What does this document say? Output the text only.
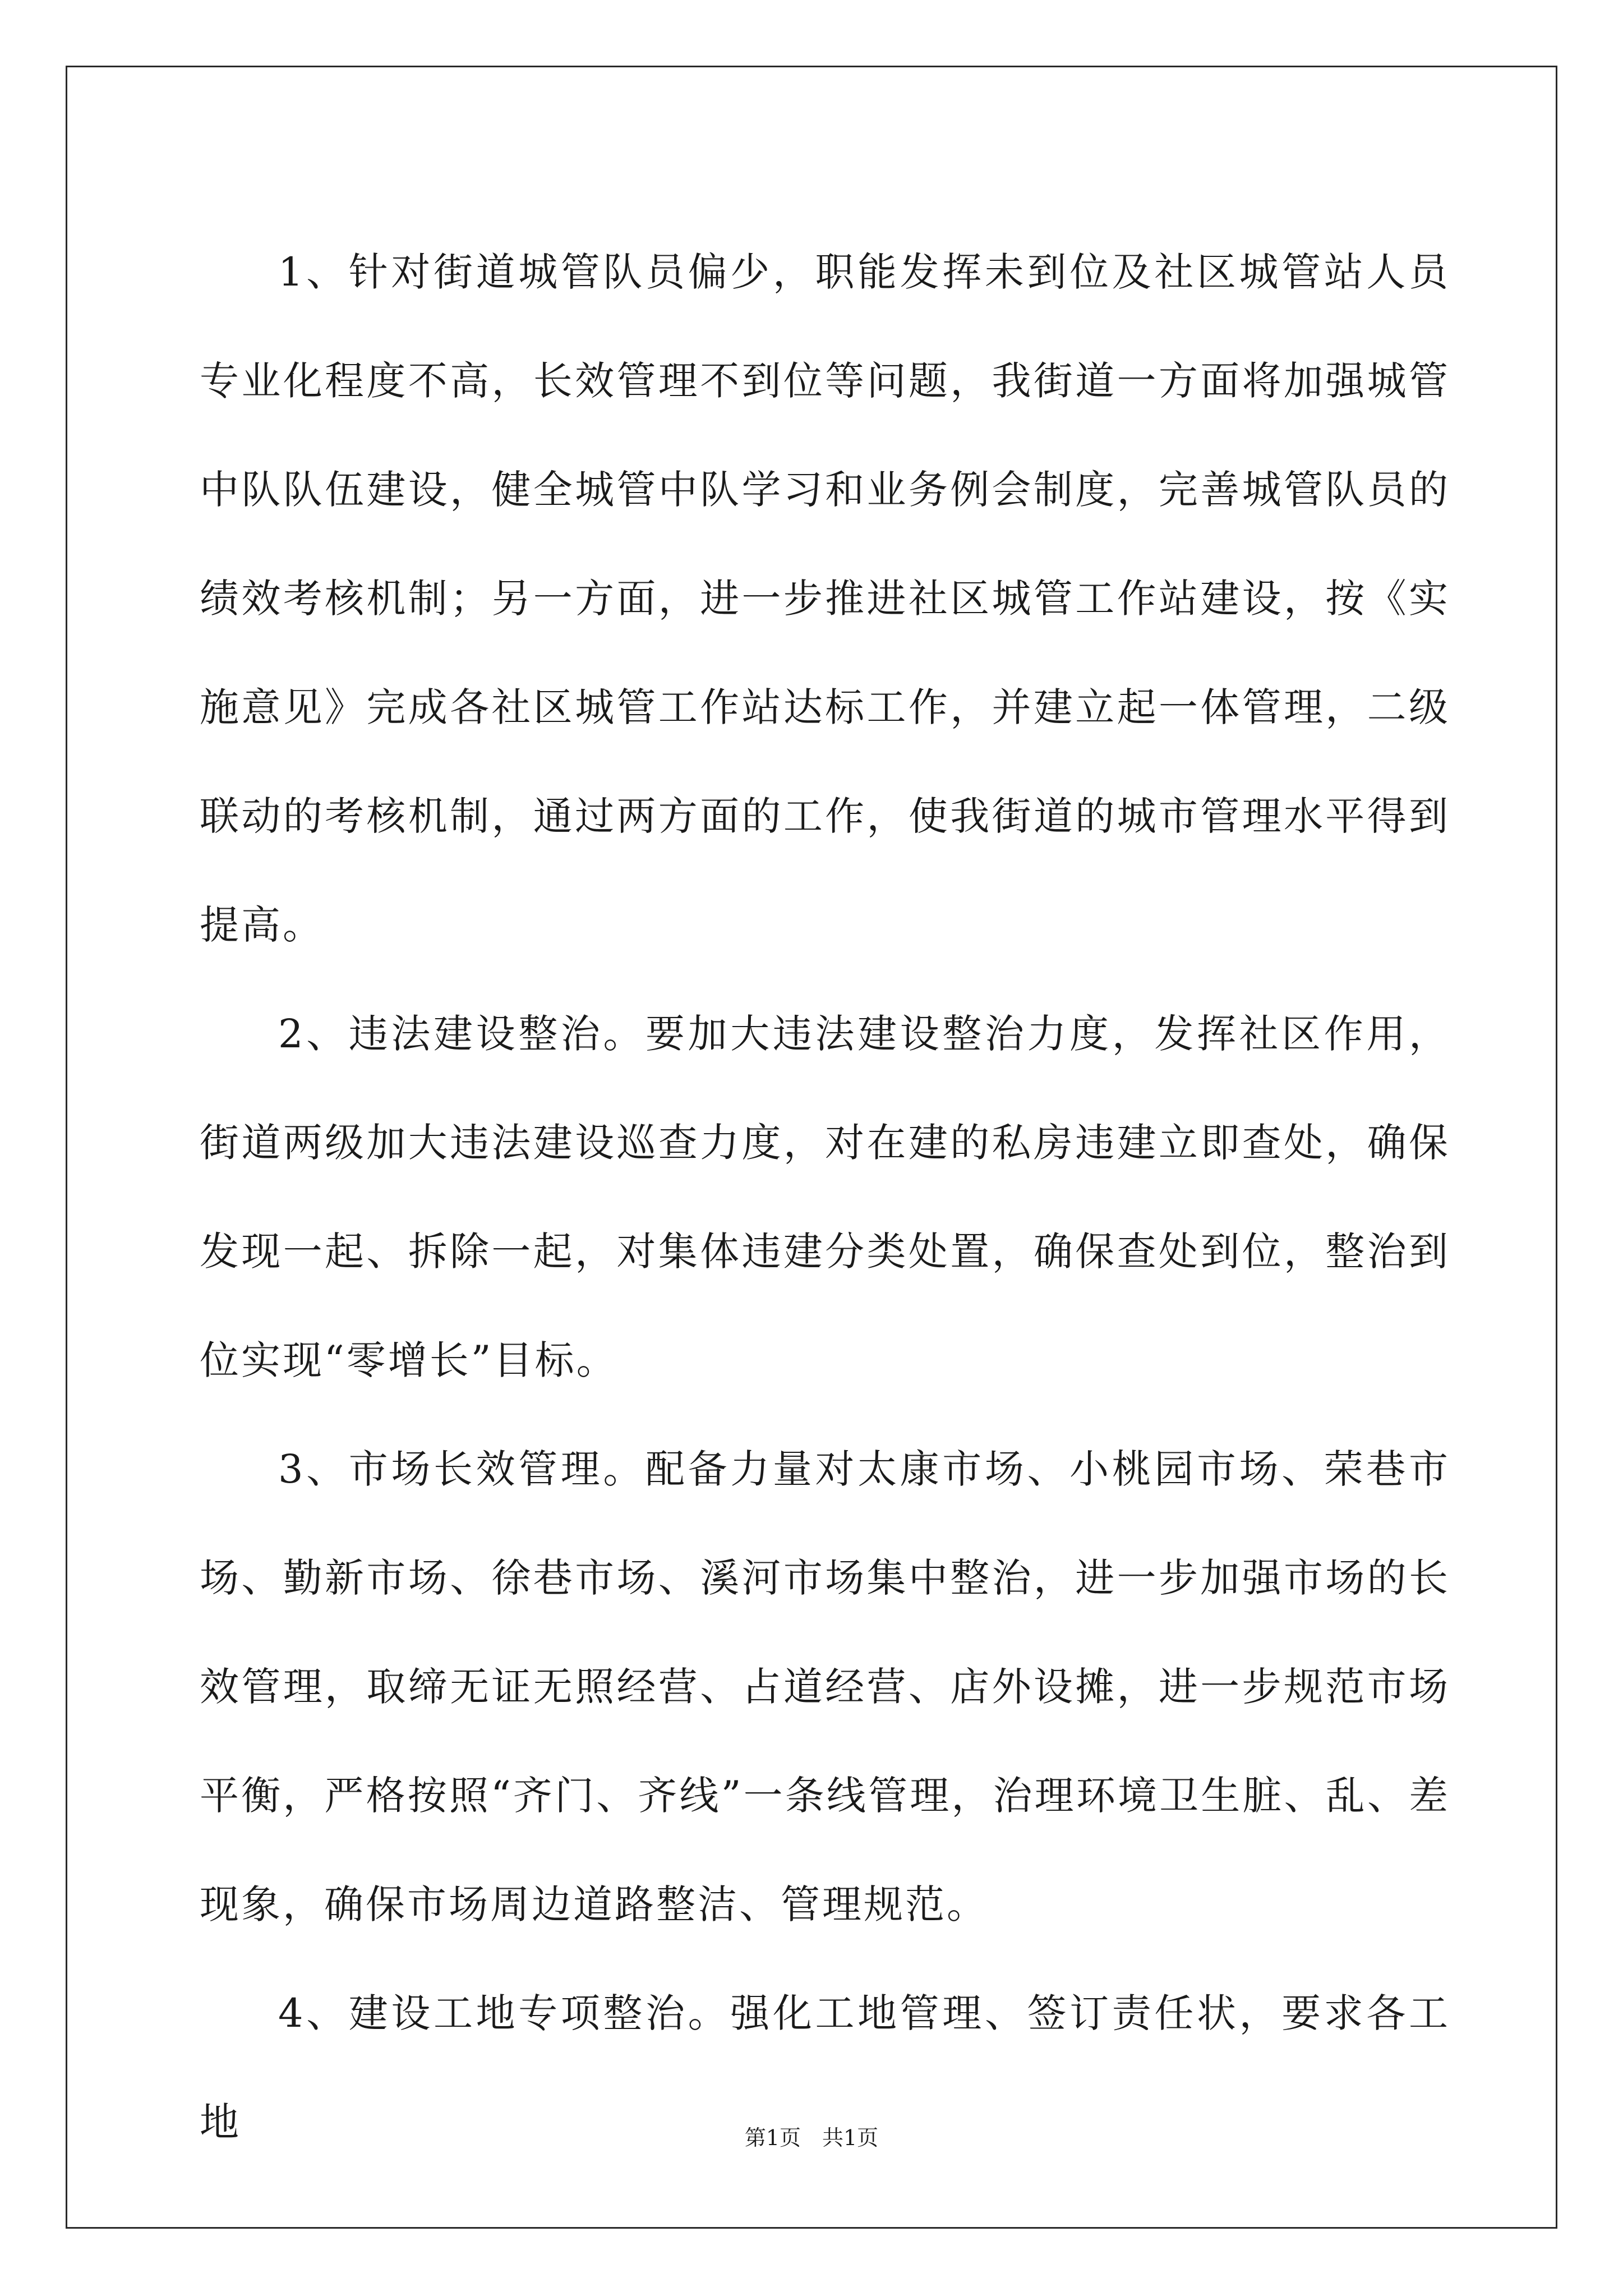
1、针对街道城管队员偏少，职能发挥未到位及社区城管站人员专业化程度不高，长效管理不到位等问题，我街道一方面将加强城管中队队伍建设，健全城管中队学习和业务例会制度，完善城管队员的绩效考核机制；另一方面，进一步推进社区城管工作站建设，按《实施意见》完成各社区城管工作站达标工作，并建立起一体管理，二级联动的考核机制，通过两方面的工作，使我街道的城市管理水平得到提高。

2、违法建设整治。要加大违法建设整治力度，发挥社区作用，街道两级加大违法建设巡查力度，对在建的私房违建立即查处，确保发现一起、拆除一起，对集体违建分类处置，确保查处到位，整治到位实现“零增长”目标。

3、市场长效管理。配备力量对太康市场、小桃园市场、荣巷市场、勤新市场、徐巷市场、溪河市场集中整治，进一步加强市场的长效管理，取缔无证无照经营、占道经营、店外设摊，进一步规范市场平衡，严格按照“齐门、齐线”一条线管理，治理环境卫生脏、乱、差现象，确保市场周边道路整洁、管理规范。

4、建设工地专项整治。强化工地管理、签订责任状，要求各工地	第1页　共1页
